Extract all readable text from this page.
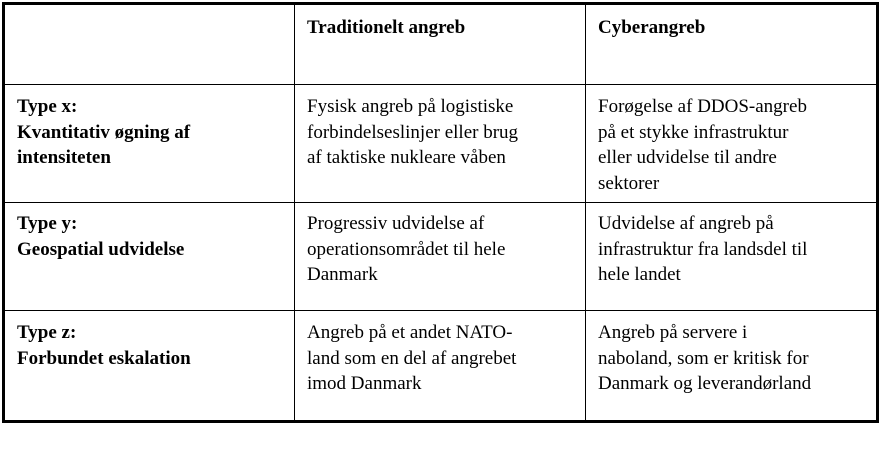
	Traditionelt angreb	Cyberangreb

Type x:
Kvantitativ øgning af
intensiteten	Fysisk angreb på logistiske
forbindelseslinjer eller brug
af taktiske nukleare våben	Forøgelse af DDOS-angreb
på et stykke infrastruktur
eller udvidelse til andre
sektorer

Type y:
Geospatial udvidelse	Progressiv udvidelse af
operationsområdet til hele
Danmark	Udvidelse af angreb på
infrastruktur fra landsdel til
hele landet

Type z:
Forbundet eskalation	Angreb på et andet NATO-
land som en del af angrebet
imod Danmark	Angreb på servere i
naboland, som er kritisk for
Danmark og leverandørland
